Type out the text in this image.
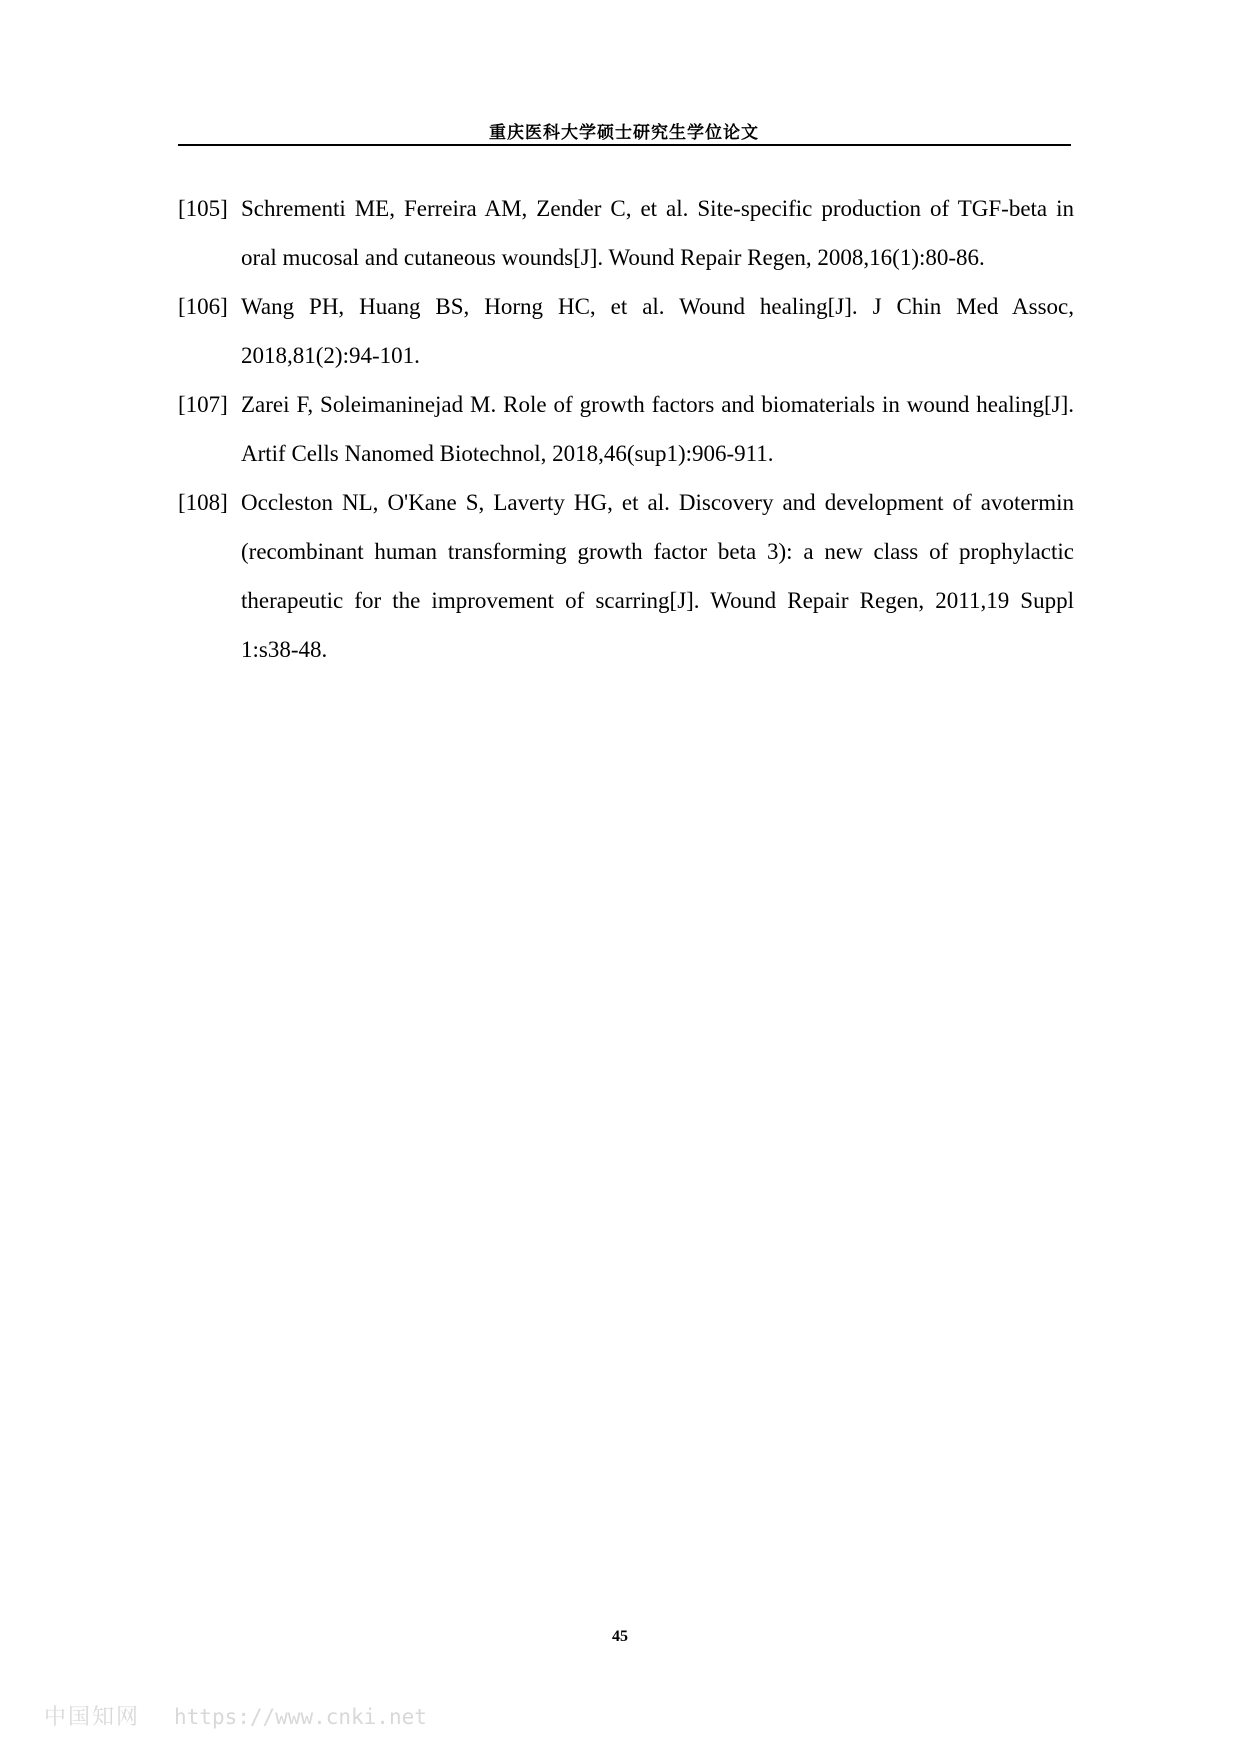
重庆医科大学硕士研究生学位论文
[105] Schrementi ME, Ferreira AM, Zender C, et al. Site-specific production of TGF-beta in oral mucosal and cutaneous wounds[J]. Wound Repair Regen, 2008,16(1):80-86.
[106] Wang PH, Huang BS, Horng HC, et al. Wound healing[J]. J Chin Med Assoc, 2018,81(2):94-101.
[107] Zarei F, Soleimaninejad M. Role of growth factors and biomaterials in wound healing[J]. Artif Cells Nanomed Biotechnol, 2018,46(sup1):906-911.
[108] Occleston NL, O'Kane S, Laverty HG, et al. Discovery and development of avotermin (recombinant human transforming growth factor beta 3): a new class of prophylactic therapeutic for the improvement of scarring[J]. Wound Repair Regen, 2011,19 Suppl 1:s38-48.
45
中国知网 https://www.cnki.net
